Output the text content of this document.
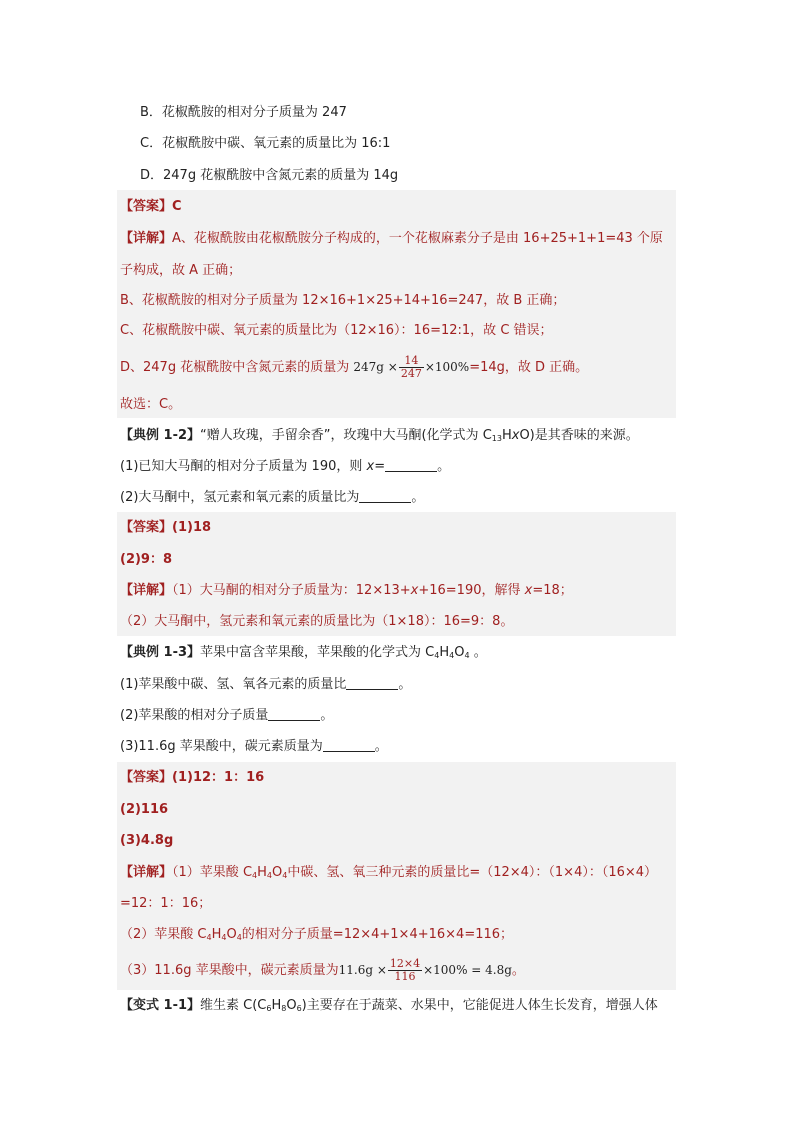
B．花椒酰胺的相对分子质量为 247
C．花椒酰胺中碳、氧元素的质量比为 16:1
D．247g 花椒酰胺中含氮元素的质量为 14g
【答案】C
【详解】A、花椒酰胺由花椒酰胺分子构成的，一个花椒麻素分子是由 16+25+1+1=43 个原
子构成，故 A 正确；
B、花椒酰胺的相对分子质量为 12×16+1×25+14+16=247，故 B 正确；
C、花椒酰胺中碳、氧元素的质量比为（12×16）：16=12:1，故 C 错误；
D、247g 花椒酰胺中含氮元素的质量为 $247g \times \frac{14}{247} \times 100\%=14g$，故 D 正确。
故选：C。
【典例 1-2】“赠人玫瑰，手留余香”，玫瑰中大马酮(化学式为 $C_{13}HxO$)是其香味的来源。
(1)已知大马酮的相对分子质量为 190，则 x=	。
(2)大马酮中，氢元素和氧元素的质量比为	。
【答案】(1)18
(2)9：8
【详解】（1）大马酮的相对分子质量为：12×13+x+16=190，解得 x=18；
（2）大马酮中，氢元素和氧元素的质量比为（1×18）：16=9：8。
【典例 1-3】苹果中富含苹果酸，苹果酸的化学式为 $C_4H_4O_4$ 。
(1)苹果酸中碳、氢、氧各元素的质量比	。
(2)苹果酸的相对分子质量	。
(3)11.6g 苹果酸中，碳元素质量为	。
【答案】(1)12：1：16
(2)116
(3)4.8g
【详解】（1）苹果酸 $C_4H_4O_4$中碳、氢、氧三种元素的质量比=（12×4）：（1×4）：（16×4）
=12：1：16；
（2）苹果酸 $C_4H_4O_4$的相对分子质量=12×4+1×4+16×4=116；
（3）11.6g 苹果酸中，碳元素质量为$11.6g \times \frac{12\times 4}{116} \times 100\% = 4.8g$。
【变式 1-1】维生素 $C(C_6H_8O_6)$主要存在于蔬菜、水果中，它能促进人体生长发育，增强人体
